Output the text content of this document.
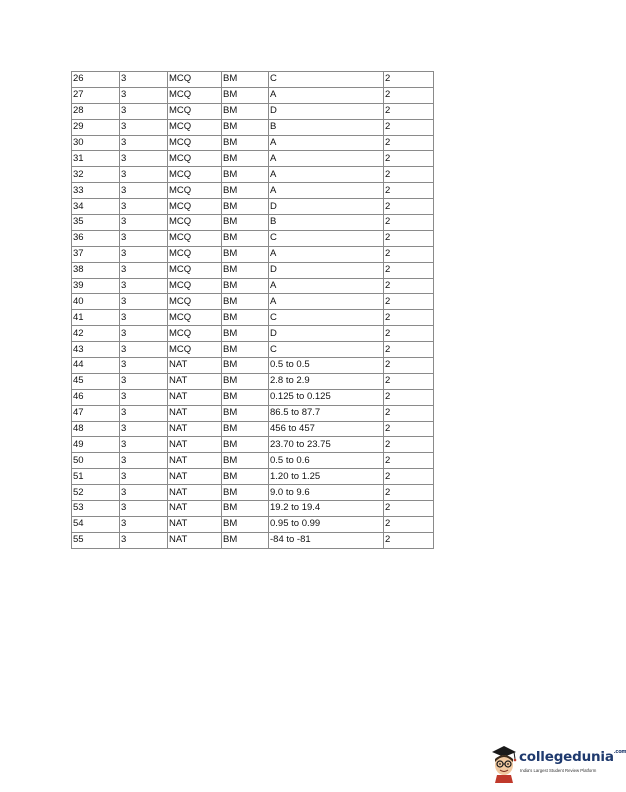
26	3	MCQ	BM	C	2
27	3	MCQ	BM	A	2
28	3	MCQ	BM	D	2
29	3	MCQ	BM	B	2
30	3	MCQ	BM	A	2
31	3	MCQ	BM	A	2
32	3	MCQ	BM	A	2
33	3	MCQ	BM	A	2
34	3	MCQ	BM	D	2
35	3	MCQ	BM	B	2
36	3	MCQ	BM	C	2
37	3	MCQ	BM	A	2
38	3	MCQ	BM	D	2
39	3	MCQ	BM	A	2
40	3	MCQ	BM	A	2
41	3	MCQ	BM	C	2
42	3	MCQ	BM	D	2
43	3	MCQ	BM	C	2
44	3	NAT	BM	0.5 to 0.5	2
45	3	NAT	BM	2.8 to 2.9	2
46	3	NAT	BM	0.125 to 0.125	2
47	3	NAT	BM	86.5 to 87.7	2
48	3	NAT	BM	456 to 457	2
49	3	NAT	BM	23.70 to 23.75	2
50	3	NAT	BM	0.5 to 0.6	2
51	3	NAT	BM	1.20 to 1.25	2
52	3	NAT	BM	9.0 to 9.6	2
53	3	NAT	BM	19.2 to 19.4	2
54	3	NAT	BM	0.95 to 0.99	2
55	3	NAT	BM	-84 to -81	2
collegedunia$^{.com}$
India's Largest Student Review Platform
